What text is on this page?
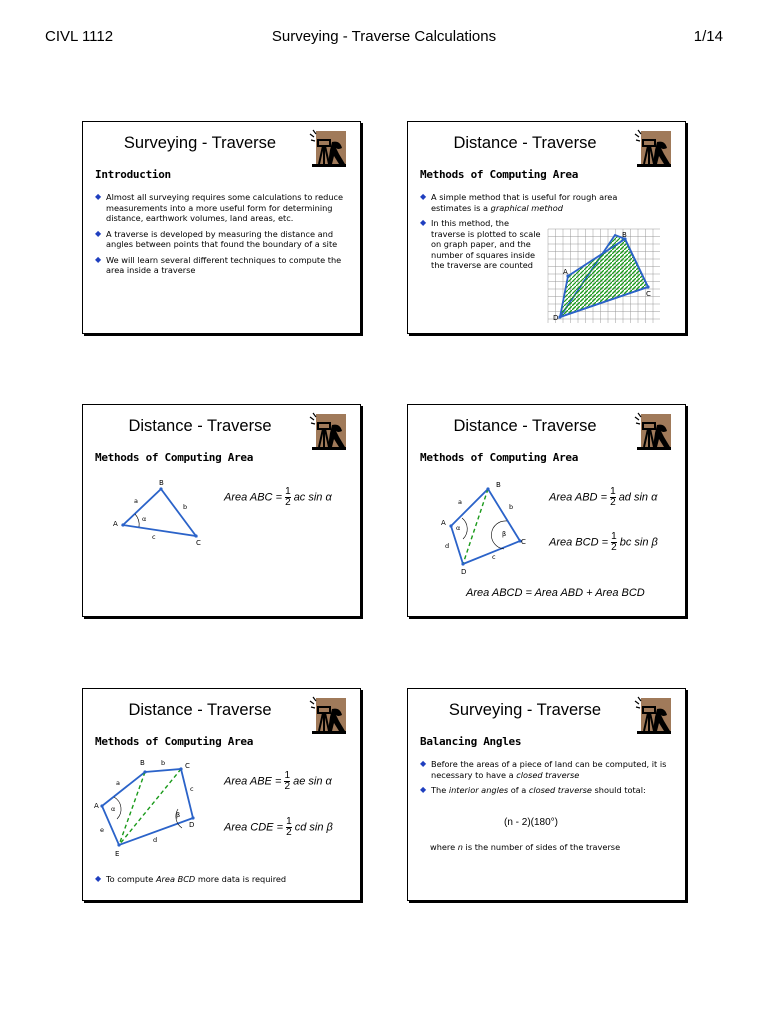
CIVL 1112	Surveying - Traverse Calculations	1/14
Surveying - Traverse
Introduction
◆ Almost all surveying requires some calculations to reduce measurements into a more useful form for determining distance, earthwork volumes, land areas, etc.
◆ A traverse is developed by measuring the distance and angles between points that found the boundary of a site
◆ We will learn several different techniques to compute the area inside a traverse
Distance - Traverse
Methods of Computing Area
◆ A simple method that is useful for rough area estimates is a graphical method
◆ In this method, the traverse is plotted to scale on graph paper, and the number of squares inside the traverse are counted
A
B
C
D
Distance - Traverse
Methods of Computing Area
A
B
C
a
b
c
α
Area ABC = $\frac{1}{2}$ ac sin α
Distance - Traverse
Methods of Computing Area
A
B
C
D
a
b
c
d
α
β
Area ABD = $\frac{1}{2}$ ad sin α
Area BCD = $\frac{1}{2}$ bc sin β
Area ABCD = Area ABD + Area BCD
Distance - Traverse
Methods of Computing Area
A
B	C
D
E
a
b
c
d
e
α
β
Area ABE = $\frac{1}{2}$ ae sin α
Area CDE = $\frac{1}{2}$ cd sin β
◆ To compute Area BCD more data is required
Surveying - Traverse
Balancing Angles
◆ Before the areas of a piece of land can be computed, it is necessary to have a closed traverse
◆ The interior angles of a closed traverse should total:
(n - 2)(180°)
where n is the number of sides of the traverse
